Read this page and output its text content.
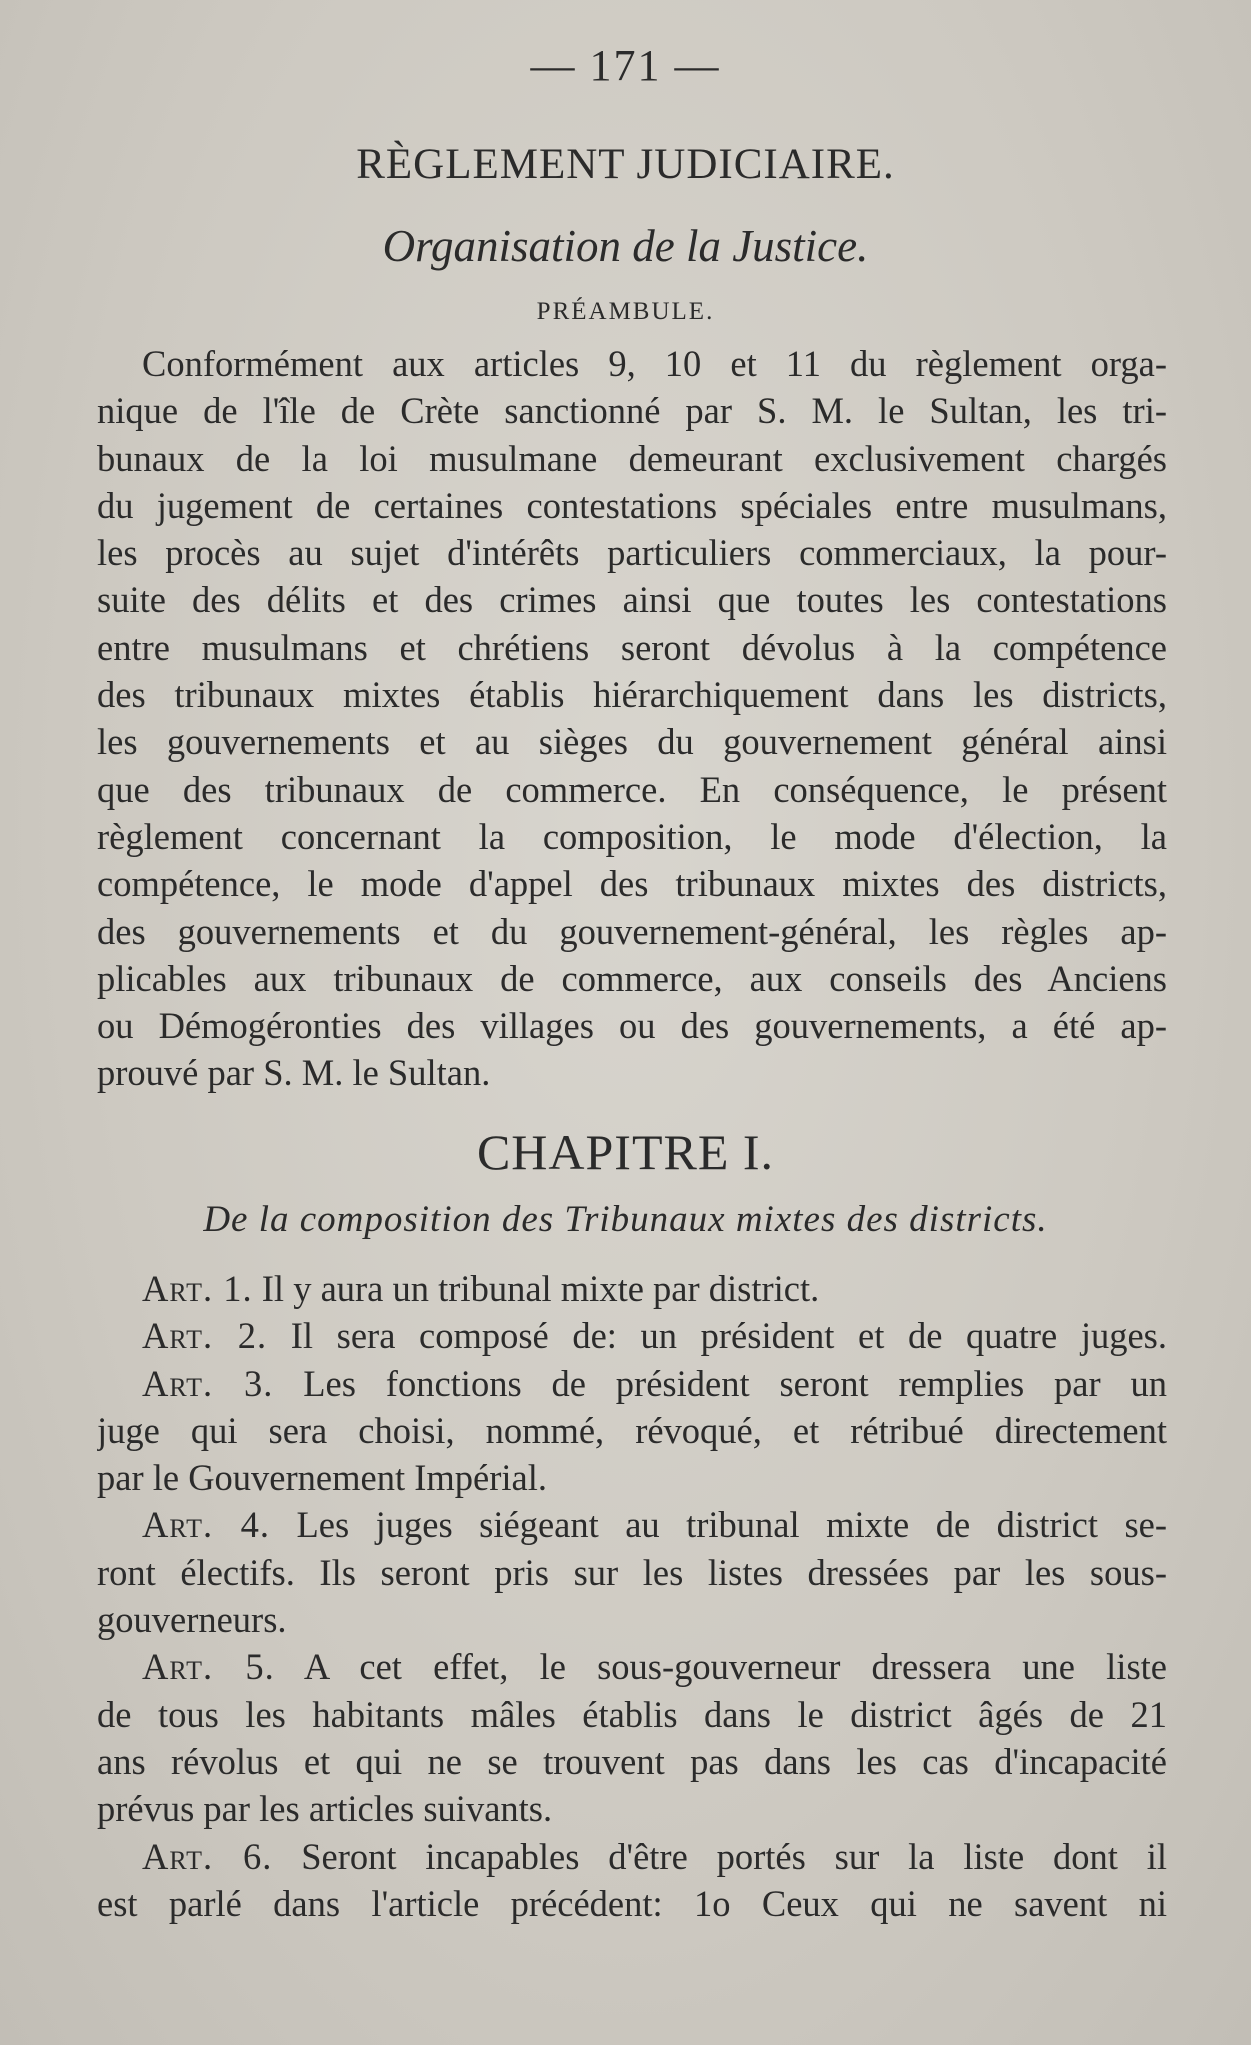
— 171 —
RÈGLEMENT JUDICIAIRE.
Organisation de la Justice.
PRÉAMBULE.
Conformément aux articles 9, 10 et 11 du règlement orga-
nique de l'île de Crète sanctionné par S. M. le Sultan, les tri-
bunaux de la loi musulmane demeurant exclusivement chargés
du jugement de certaines contestations spéciales entre musulmans,
les procès au sujet d'intérêts particuliers commerciaux, la pour-
suite des délits et des crimes ainsi que toutes les contestations
entre musulmans et chrétiens seront dévolus à la compétence
des tribunaux mixtes établis hiérarchiquement dans les districts,
les gouvernements et au sièges du gouvernement général ainsi
que des tribunaux de commerce. En conséquence, le présent
règlement concernant la composition, le mode d'élection, la
compétence, le mode d'appel des tribunaux mixtes des districts,
des gouvernements et du gouvernement-général, les règles ap-
plicables aux tribunaux de commerce, aux conseils des Anciens
ou Démogéronties des villages ou des gouvernements, a été ap-
prouvé par S. M. le Sultan.
CHAPITRE I.
De la composition des Tribunaux mixtes des districts.
Art. 1. Il y aura un tribunal mixte par district.
Art. 2. Il sera composé de: un président et de quatre juges.
Art. 3. Les fonctions de président seront remplies par un
juge qui sera choisi, nommé, révoqué, et rétribué directement
par le Gouvernement Impérial.
Art. 4. Les juges siégeant au tribunal mixte de district se-
ront électifs. Ils seront pris sur les listes dressées par les sous-
gouverneurs.
Art. 5. A cet effet, le sous-gouverneur dressera une liste
de tous les habitants mâles établis dans le district âgés de 21
ans révolus et qui ne se trouvent pas dans les cas d'incapacité
prévus par les articles suivants.
Art. 6. Seront incapables d'être portés sur la liste dont il
est parlé dans l'article précédent: 1o Ceux qui ne savent ni
